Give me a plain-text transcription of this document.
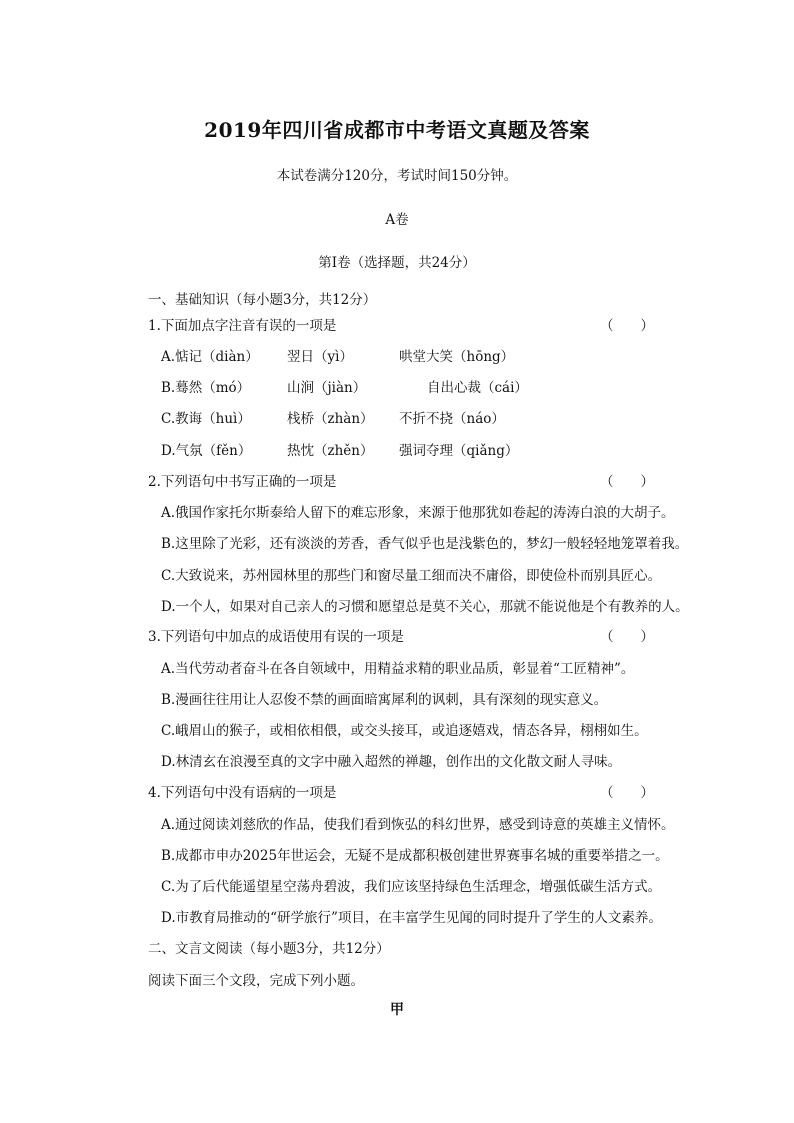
2019年四川省成都市中考语文真题及答案
本试卷满分120分，考试时间150分钟。
A卷
第Ⅰ卷（选择题，共24分）
一、基础知识（每小题3分，共12分）
1.下面加点字注音有误的一项是	（　　）
A.惦记（diàn） 翌日（yì）	哄堂大笑（hōng）
B.蓦然（mó）	山涧（jiàn）	自出心裁（cái）
C.教诲（huì）	栈桥（zhàn） 不折不挠（náo）
D.气氛（fěn）	热忱（zhěn） 强词夺理（qiǎng）
2.下列语句中书写正确的一项是	（　　）
A.俄国作家托尔斯泰给人留下的难忘形象，来源于他那犹如卷起的涛涛白浪的大胡子。
B.这里除了光彩，还有淡淡的芳香，香气似乎也是浅紫色的，梦幻一般轻轻地笼罩着我。
C.大致说来，苏州园林里的那些门和窗尽量工细而决不庸俗，即使俭朴而别具匠心。
D.一个人，如果对自己亲人的习惯和愿望总是莫不关心，那就不能说他是个有教养的人。
3.下列语句中加点的成语使用有误的一项是	（　　）
A.当代劳动者奋斗在各自领域中，用精益求精的职业品质，彰显着“工匠精神”。
B.漫画往往用让人忍俊不禁的画面暗寓犀利的讽刺，具有深刻的现实意义。
C.峨眉山的猴子，或相依相偎，或交头接耳，或追逐嬉戏，情态各异，栩栩如生。
D.林清玄在浪漫至真的文字中融入超然的禅趣，创作出的文化散文耐人寻味。
4.下列语句中没有语病的一项是	（　　）
A.通过阅读刘慈欣的作品，使我们看到恢弘的科幻世界，感受到诗意的英雄主义情怀。
B.成都市申办2025年世运会，无疑不是成都积极创建世界赛事名城的重要举措之一。
C.为了后代能遥望星空荡舟碧波，我们应该坚持绿色生活理念，增强低碳生活方式。
D.市教育局推动的“研学旅行”项目，在丰富学生见闻的同时提升了学生的人文素养。
二、文言文阅读（每小题3分，共12分）
阅读下面三个文段，完成下列小题。
甲
